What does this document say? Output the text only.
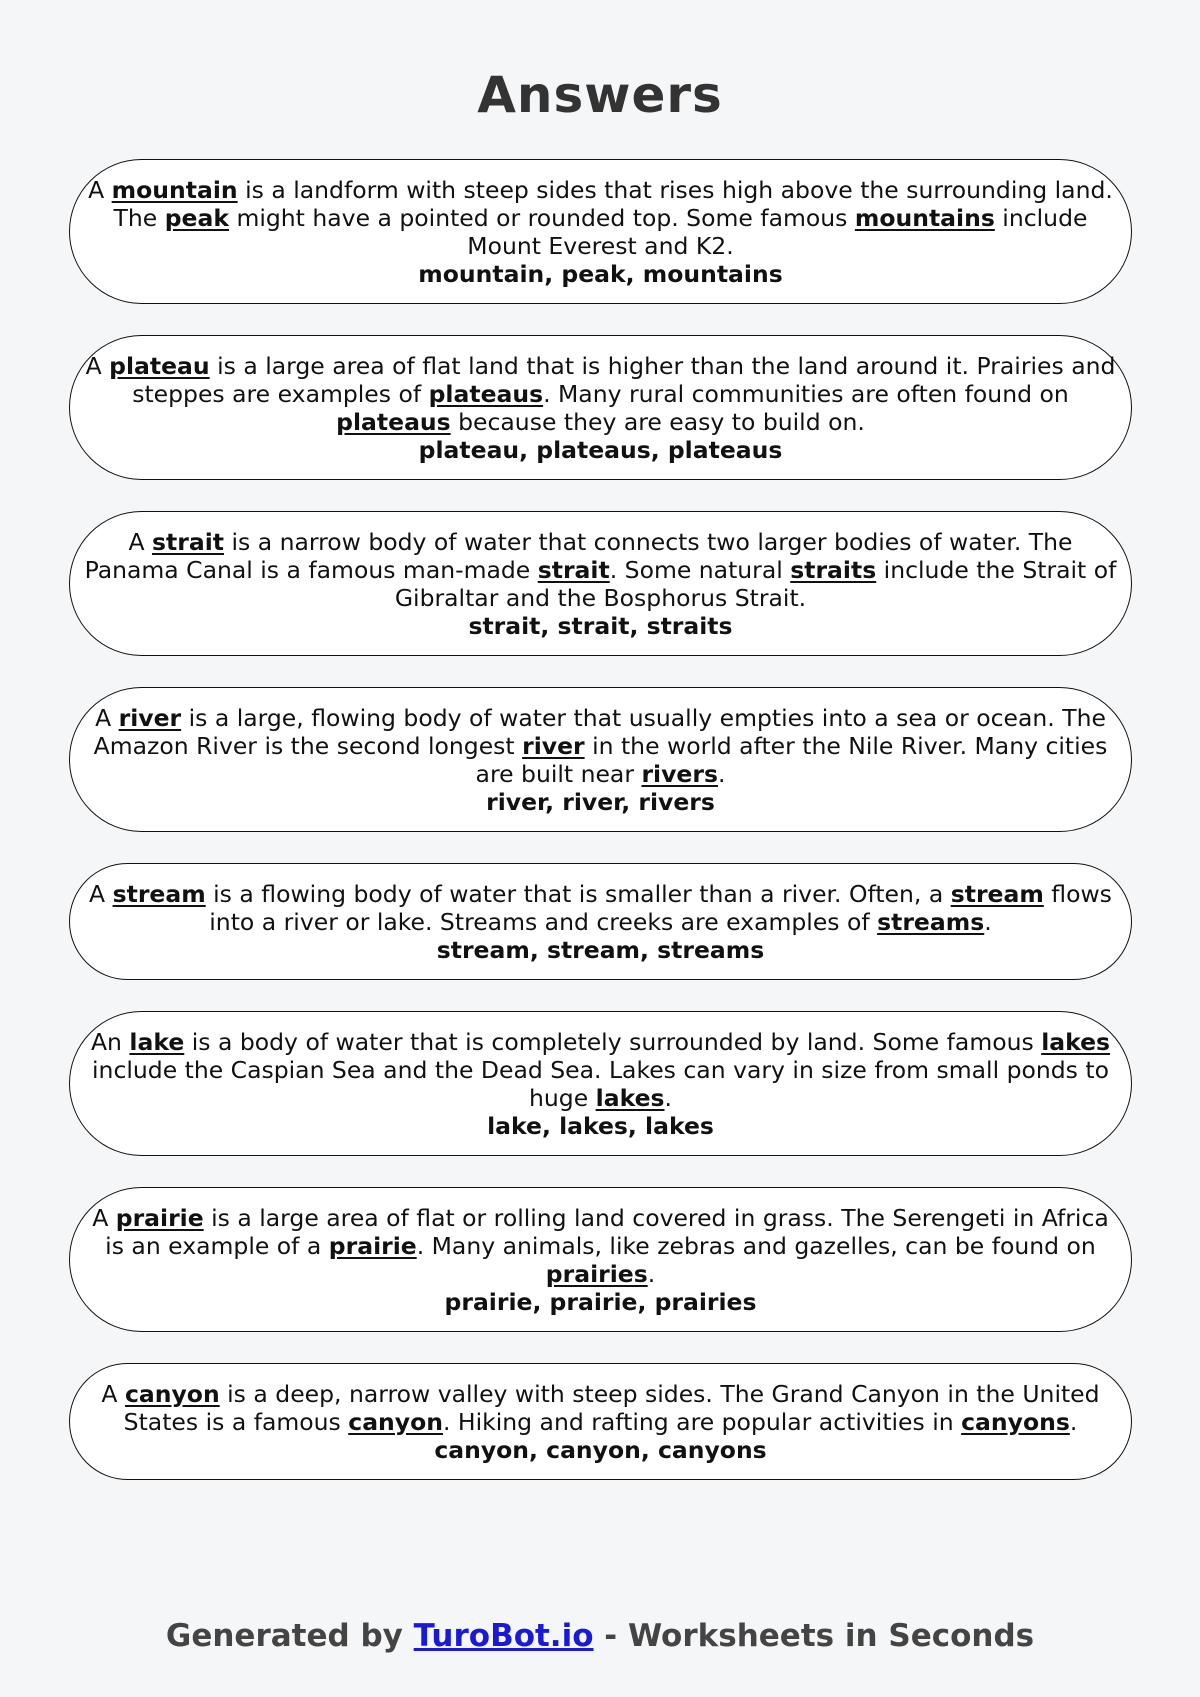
Answers
A mountain is a landform with steep sides that rises high above the surrounding land. The peak might have a pointed or rounded top. Some famous mountains include Mount Everest and K2.
mountain, peak, mountains
A plateau is a large area of flat land that is higher than the land around it. Prairies and steppes are examples of plateaus. Many rural communities are often found on plateaus because they are easy to build on.
plateau, plateaus, plateaus
A strait is a narrow body of water that connects two larger bodies of water. The Panama Canal is a famous man-made strait. Some natural straits include the Strait of Gibraltar and the Bosphorus Strait.
strait, strait, straits
A river is a large, flowing body of water that usually empties into a sea or ocean. The Amazon River is the second longest river in the world after the Nile River. Many cities are built near rivers.
river, river, rivers
A stream is a flowing body of water that is smaller than a river. Often, a stream flows into a river or lake. Streams and creeks are examples of streams.
stream, stream, streams
An lake is a body of water that is completely surrounded by land. Some famous lakes include the Caspian Sea and the Dead Sea. Lakes can vary in size from small ponds to huge lakes.
lake, lakes, lakes
A prairie is a large area of flat or rolling land covered in grass. The Serengeti in Africa is an example of a prairie. Many animals, like zebras and gazelles, can be found on prairies.
prairie, prairie, prairies
A canyon is a deep, narrow valley with steep sides. The Grand Canyon in the United States is a famous canyon. Hiking and rafting are popular activities in canyons.
canyon, canyon, canyons
Generated by TuroBot.io - Worksheets in Seconds
